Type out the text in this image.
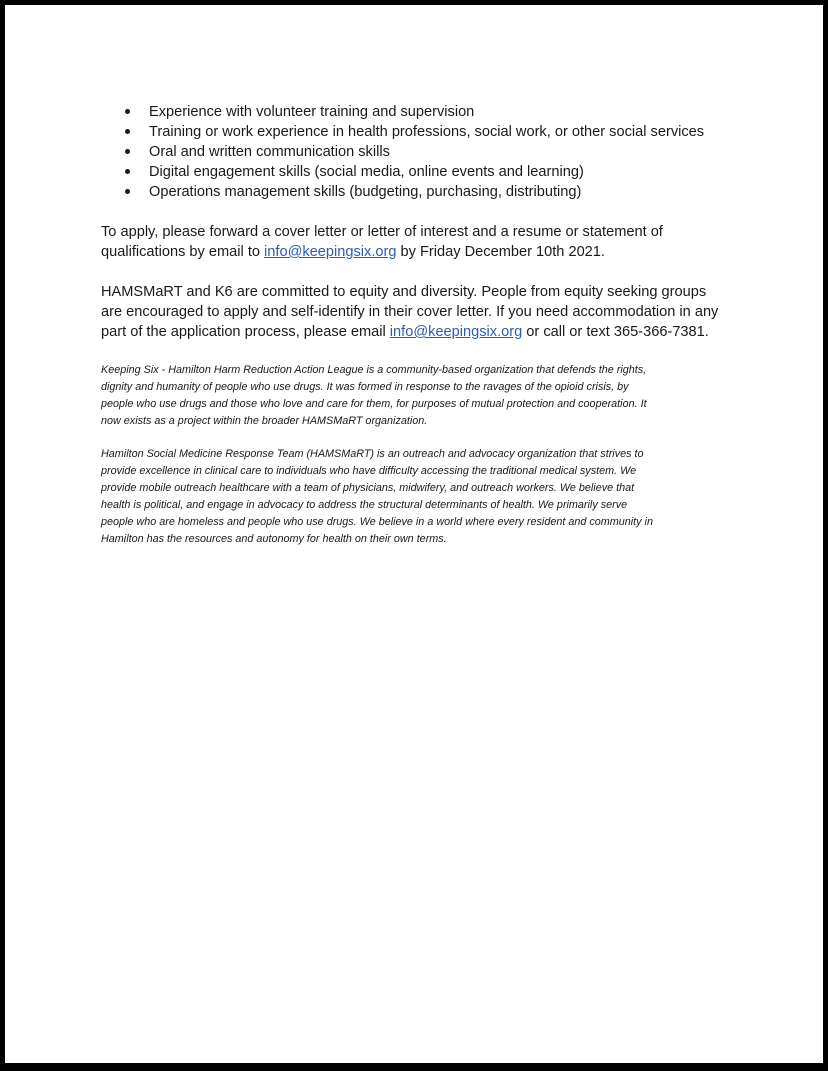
Experience with volunteer training and supervision
Training or work experience in health professions, social work, or other social services
Oral and written communication skills
Digital engagement skills (social media, online events and learning)
Operations management skills (budgeting, purchasing, distributing)

To apply, please forward a cover letter or letter of interest and a resume or statement of
qualifications by email to info@keepingsix.org by Friday December 10th 2021.

HAMSMaRT and K6 are committed to equity and diversity. People from equity seeking groups
are encouraged to apply and self-identify in their cover letter. If you need accommodation in any
part of the application process, please email info@keepingsix.org or call or text 365-366-7381.

Keeping Six - Hamilton Harm Reduction Action League is a community-based organization that defends the rights,
dignity and humanity of people who use drugs. It was formed in response to the ravages of the opioid crisis, by
people who use drugs and those who love and care for them, for purposes of mutual protection and cooperation. It
now exists as a project within the broader HAMSMaRT organization.

Hamilton Social Medicine Response Team (HAMSMaRT) is an outreach and advocacy organization that strives to
provide excellence in clinical care to individuals who have difficulty accessing the traditional medical system. We
provide mobile outreach healthcare with a team of physicians, midwifery, and outreach workers. We believe that
health is political, and engage in advocacy to address the structural determinants of health. We primarily serve
people who are homeless and people who use drugs. We believe in a world where every resident and community in
Hamilton has the resources and autonomy for health on their own terms.
